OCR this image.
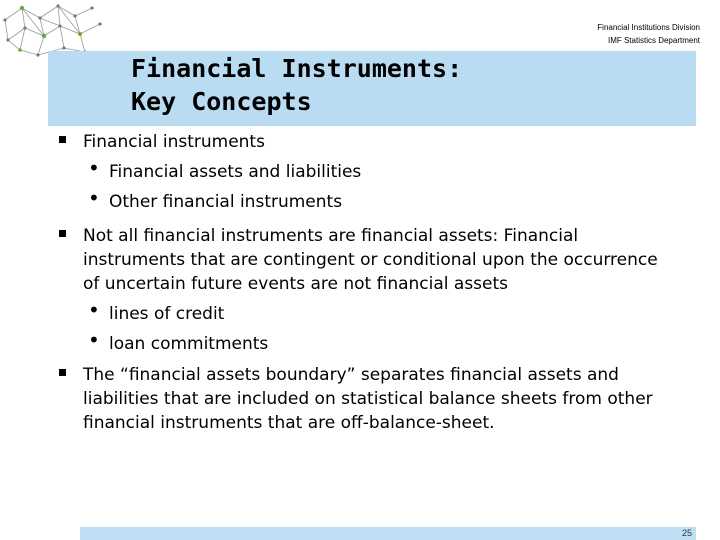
Financial Institutions Division
IMF Statistics Department
Financial Instruments:
Key Concepts
Financial instruments
• Financial assets and liabilities
• Other financial instruments
Not all financial instruments are financial assets: Financial
instruments that are contingent or conditional upon the occurrence
of uncertain future events are not financial assets
• lines of credit
• loan commitments
The “financial assets boundary” separates financial assets and
liabilities that are included on statistical balance sheets from other
financial instruments that are off-balance-sheet.
25
